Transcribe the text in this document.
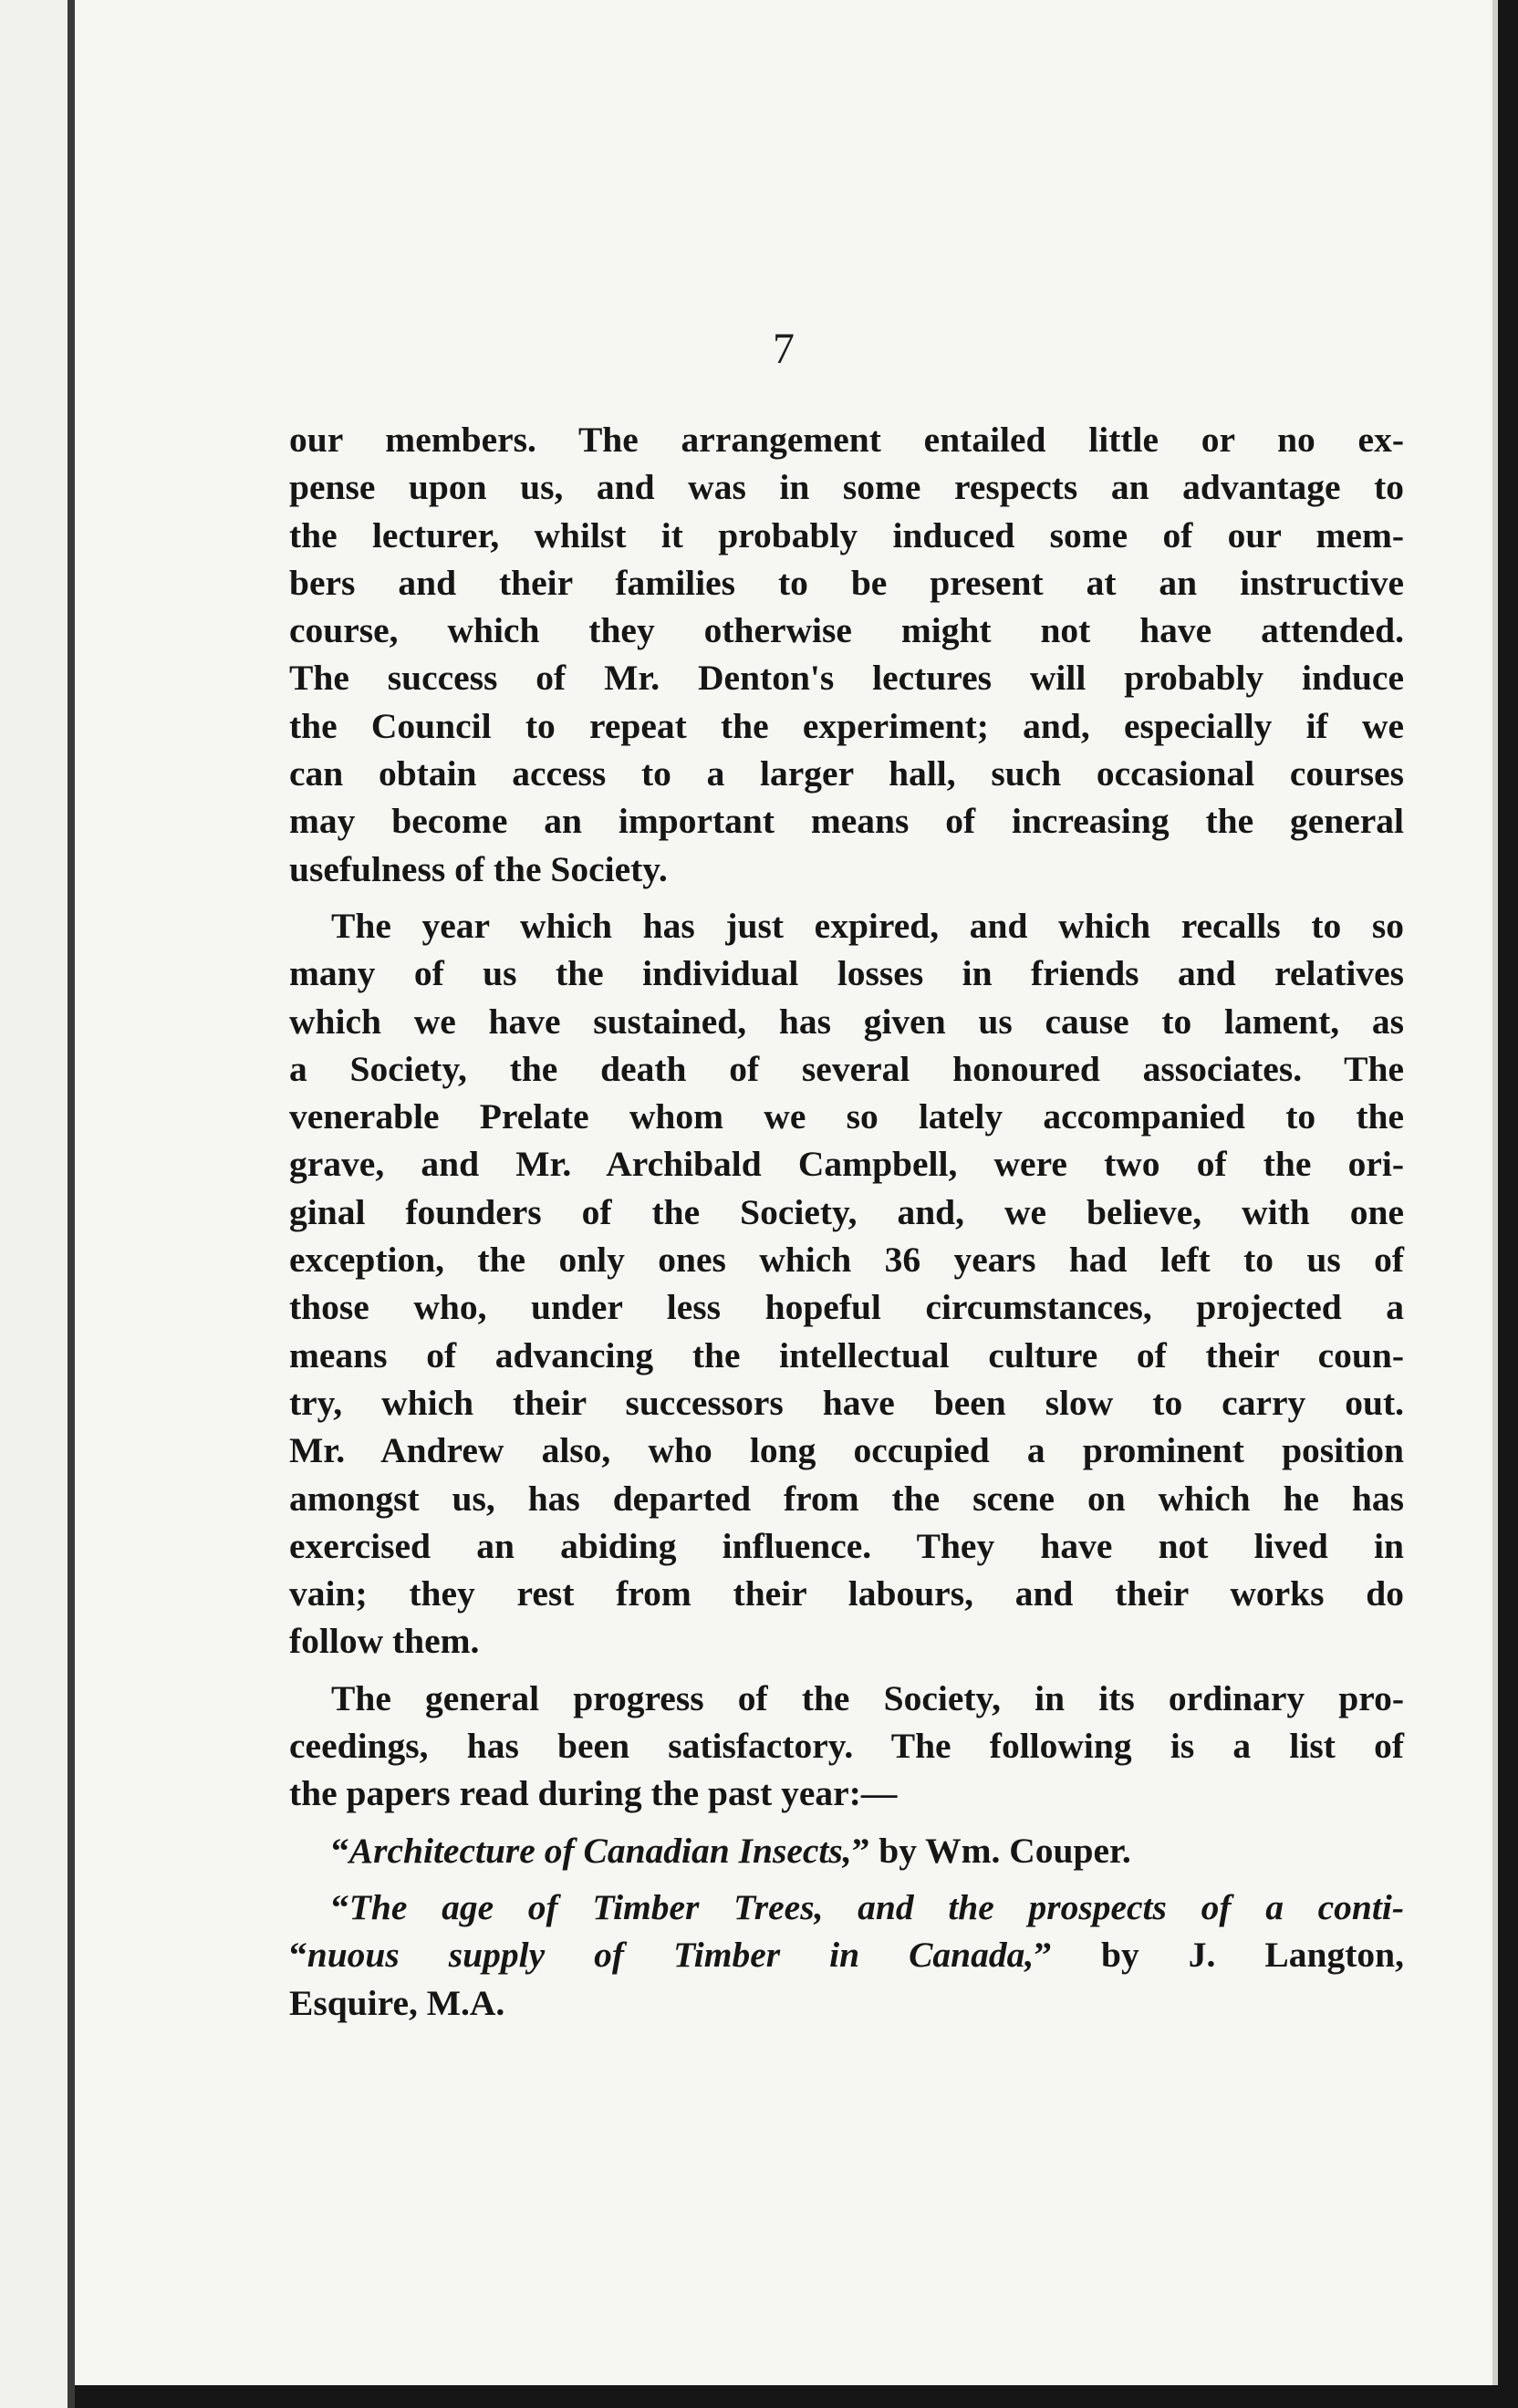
7
our members. The arrangement entailed little or no ex-
pense upon us, and was in some respects an advantage to
the lecturer, whilst it probably induced some of our mem-
bers and their families to be present at an instructive
course, which they otherwise might not have attended.
The success of Mr. Denton's lectures will probably induce
the Council to repeat the experiment; and, especially if we
can obtain access to a larger hall, such occasional courses
may become an important means of increasing the general
usefulness of the Society.
The year which has just expired, and which recalls to so
many of us the individual losses in friends and relatives
which we have sustained, has given us cause to lament, as
a Society, the death of several honoured associates. The
venerable Prelate whom we so lately accompanied to the
grave, and Mr. Archibald Campbell, were two of the ori-
ginal founders of the Society, and, we believe, with one
exception, the only ones which 36 years had left to us of
those who, under less hopeful circumstances, projected a
means of advancing the intellectual culture of their coun-
try, which their successors have been slow to carry out.
Mr. Andrew also, who long occupied a prominent position
amongst us, has departed from the scene on which he has
exercised an abiding influence. They have not lived in
vain; they rest from their labours, and their works do
follow them.
The general progress of the Society, in its ordinary pro-
ceedings, has been satisfactory. The following is a list of
the papers read during the past year:—
“Architecture of Canadian Insects,” by Wm. Couper.
“The age of Timber Trees, and the prospects of a conti-
“nuous supply of Timber in Canada,” by J. Langton,
Esquire, M.A.
